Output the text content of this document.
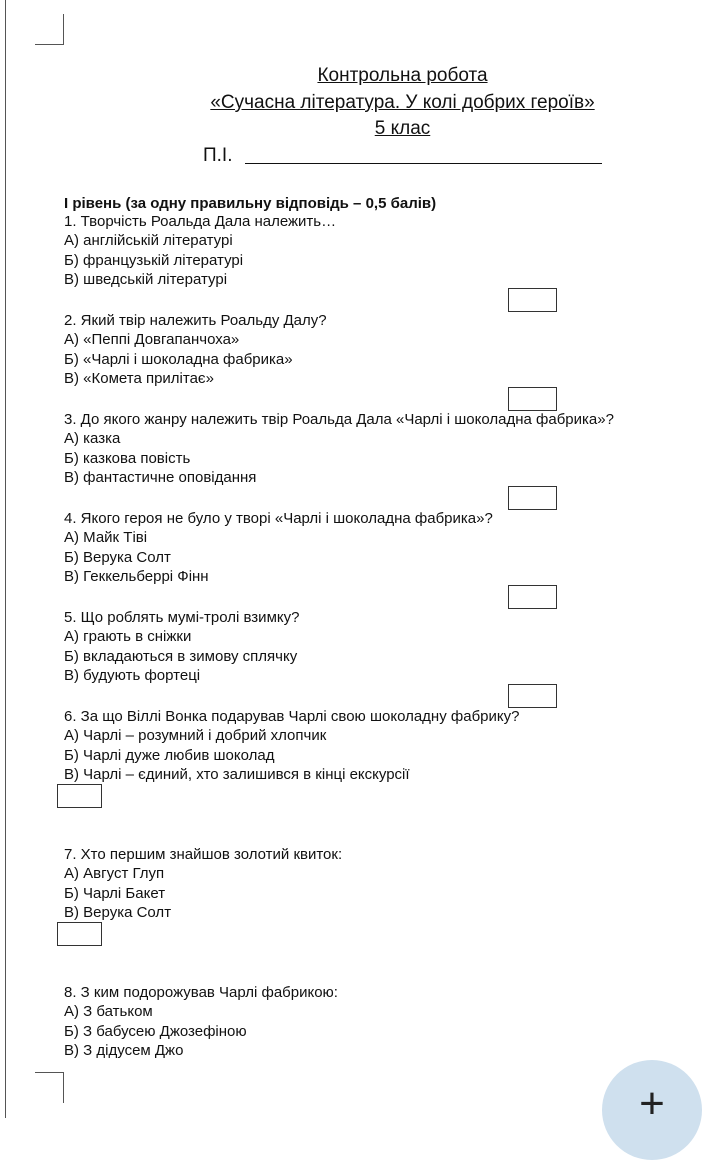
Контрольна робота
«Сучасна література. У колі добрих героїв»
5 клас
П.І.
І рівень (за одну правильну відповідь – 0,5 балів)
1. Творчість Роальда Дала належить…
А) англійській літературі
Б) французькій літературі
В) шведській літературі
2. Який твір належить Роальду Далу?
А) «Пеппі Довгапанчоха»
Б) «Чарлі і шоколадна фабрика»
В) «Комета прилітає»
3. До якого жанру належить твір Роальда Дала «Чарлі і шоколадна фабрика»?
А) казка
Б) казкова повість
В) фантастичне оповідання
4. Якого героя не було у творі «Чарлі і шоколадна фабрика»?
А) Майк Тіві
Б) Верука Солт
В) Геккельберрі Фінн
5. Що роблять мумі-тролі взимку?
А) грають в сніжки
Б) вкладаються в зимову сплячку
В) будують фортеці
6. За що Віллі Вонка подарував Чарлі свою шоколадну фабрику?
А) Чарлі – розумний і добрий хлопчик
Б) Чарлі дуже любив шоколад
В) Чарлі – єдиний, хто залишився в кінці екскурсії
7. Хто першим знайшов золотий квиток:
А) Август Глуп
Б) Чарлі Бакет
В) Верука Солт
8. З ким подорожував Чарлі фабрикою:
А) З батьком
Б) З бабусею Джозефіною
В) З дідусем Джо
+
